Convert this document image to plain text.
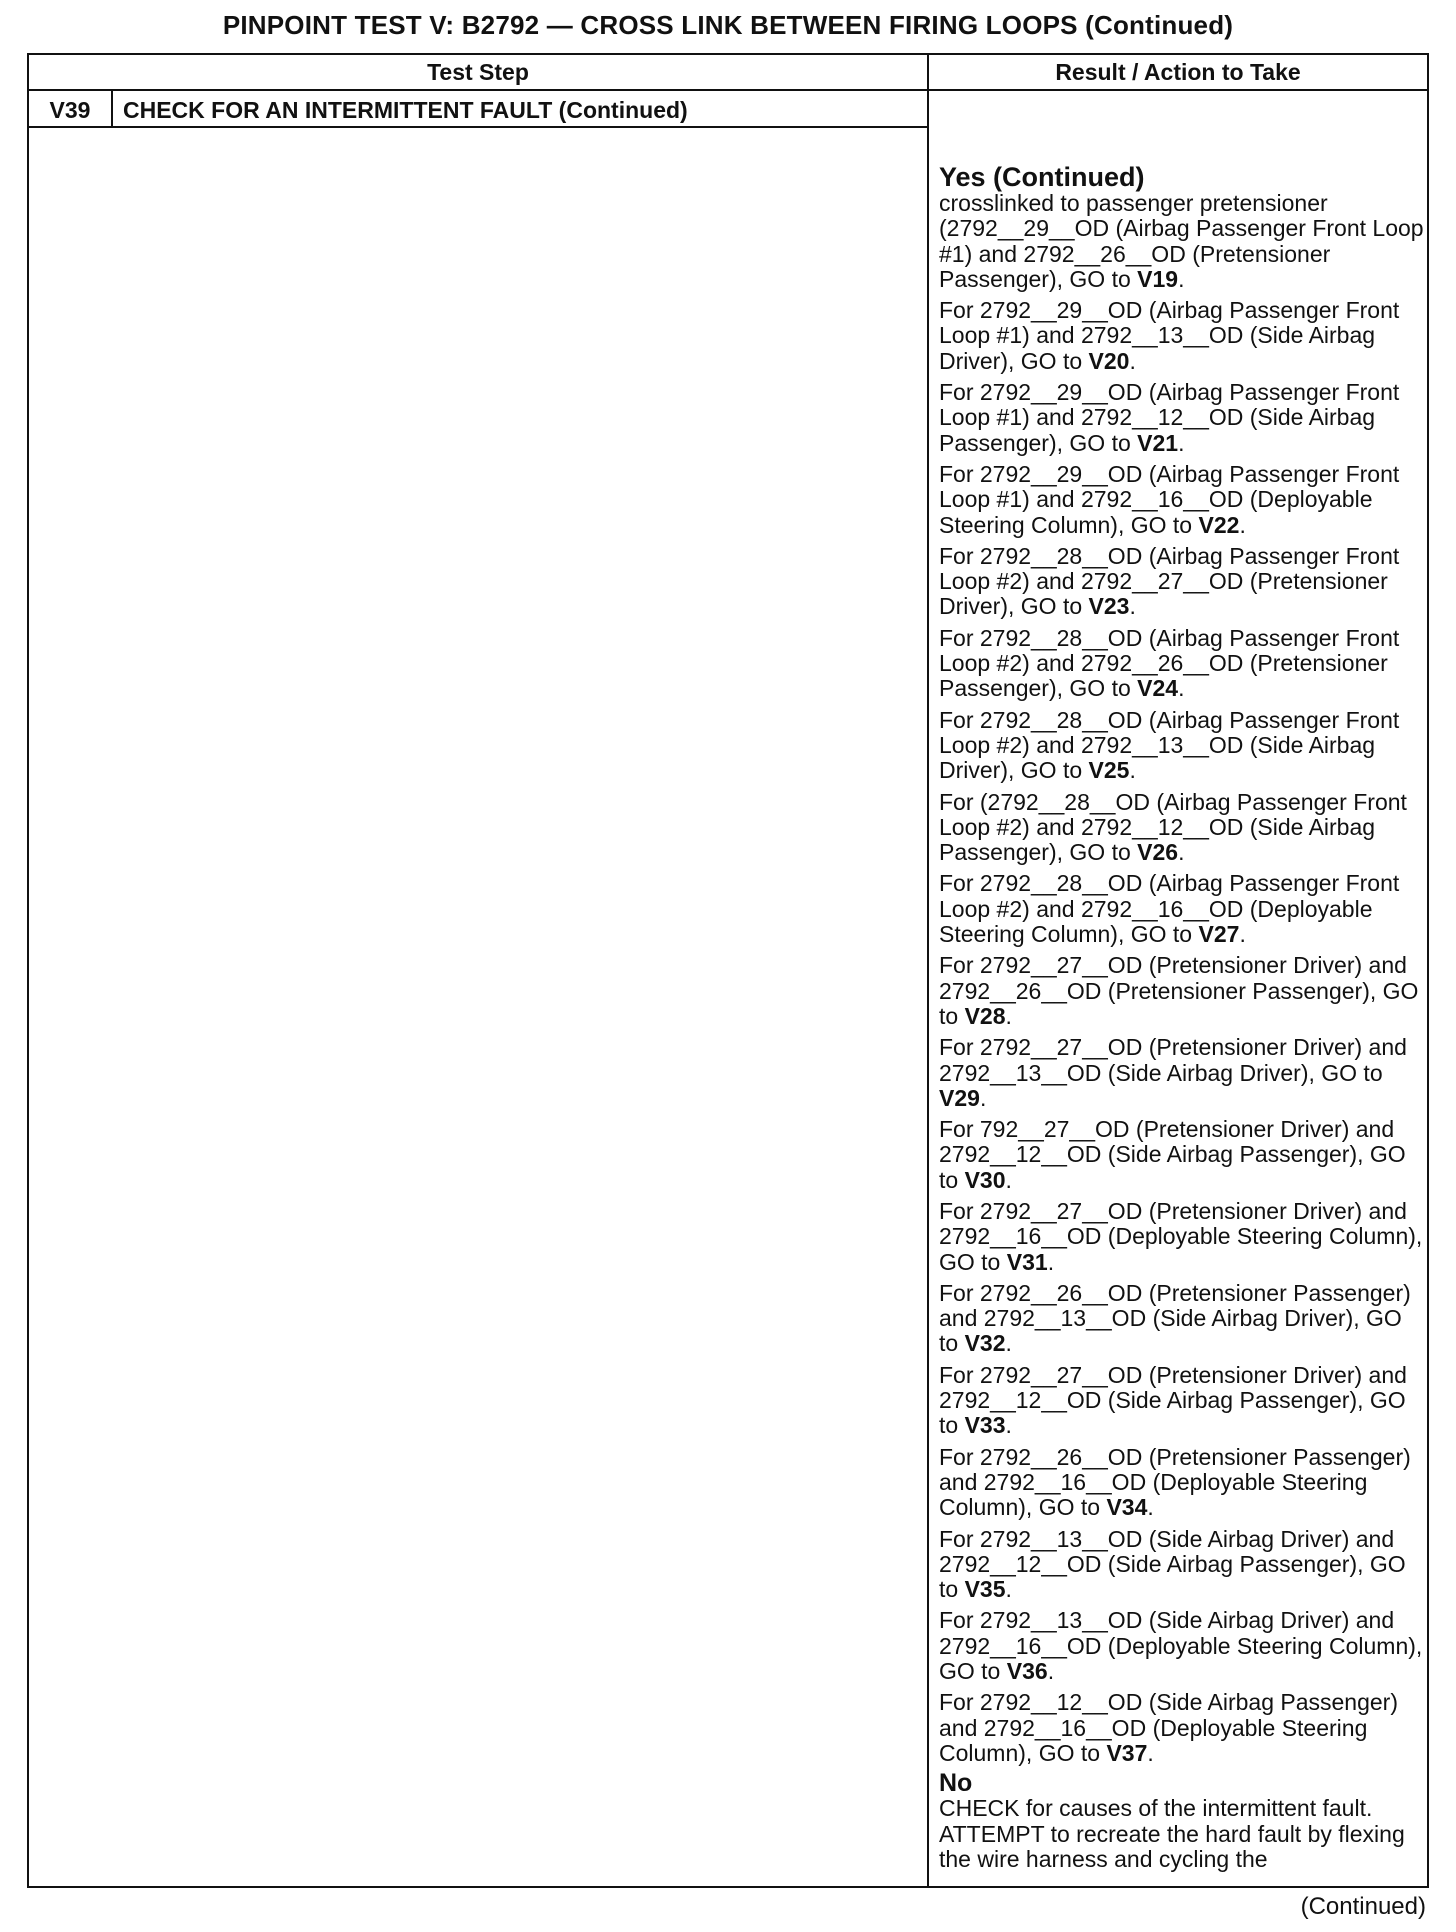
PINPOINT TEST V: B2792 — CROSS LINK BETWEEN FIRING LOOPS (Continued)
Test Step	Result / Action to Take
V39	CHECK FOR AN INTERMITTENT FAULT (Continued)
Yes (Continued)
crosslinked to passenger pretensioner (2792__29__OD (Airbag Passenger Front Loop #1) and 2792__26__OD (Pretensioner Passenger), GO to V19.
For 2792__29__OD (Airbag Passenger Front Loop #1) and 2792__13__OD (Side Airbag Driver), GO to V20.
For 2792__29__OD (Airbag Passenger Front Loop #1) and 2792__12__OD (Side Airbag Passenger), GO to V21.
For 2792__29__OD (Airbag Passenger Front Loop #1) and 2792__16__OD (Deployable Steering Column), GO to V22.
For 2792__28__OD (Airbag Passenger Front Loop #2) and 2792__27__OD (Pretensioner Driver), GO to V23.
For 2792__28__OD (Airbag Passenger Front Loop #2) and 2792__26__OD (Pretensioner Passenger), GO to V24.
For 2792__28__OD (Airbag Passenger Front Loop #2) and 2792__13__OD (Side Airbag Driver), GO to V25.
For (2792__28__OD (Airbag Passenger Front Loop #2) and 2792__12__OD (Side Airbag Passenger), GO to V26.
For 2792__28__OD (Airbag Passenger Front Loop #2) and 2792__16__OD (Deployable Steering Column), GO to V27.
For 2792__27__OD (Pretensioner Driver) and 2792__26__OD (Pretensioner Passenger), GO to V28.
For 2792__27__OD (Pretensioner Driver) and 2792__13__OD (Side Airbag Driver), GO to V29.
For 792__27__OD (Pretensioner Driver) and 2792__12__OD (Side Airbag Passenger), GO to V30.
For 2792__27__OD (Pretensioner Driver) and 2792__16__OD (Deployable Steering Column), GO to V31.
For 2792__26__OD (Pretensioner Passenger) and 2792__13__OD (Side Airbag Driver), GO to V32.
For 2792__27__OD (Pretensioner Driver) and 2792__12__OD (Side Airbag Passenger), GO to V33.
For 2792__26__OD (Pretensioner Passenger) and 2792__16__OD (Deployable Steering Column), GO to V34.
For 2792__13__OD (Side Airbag Driver) and 2792__12__OD (Side Airbag Passenger), GO to V35.
For 2792__13__OD (Side Airbag Driver) and 2792__16__OD (Deployable Steering Column), GO to V36.
For 2792__12__OD (Side Airbag Passenger) and 2792__16__OD (Deployable Steering Column), GO to V37.
No
CHECK for causes of the intermittent fault. ATTEMPT to recreate the hard fault by flexing the wire harness and cycling the
(Continued)
